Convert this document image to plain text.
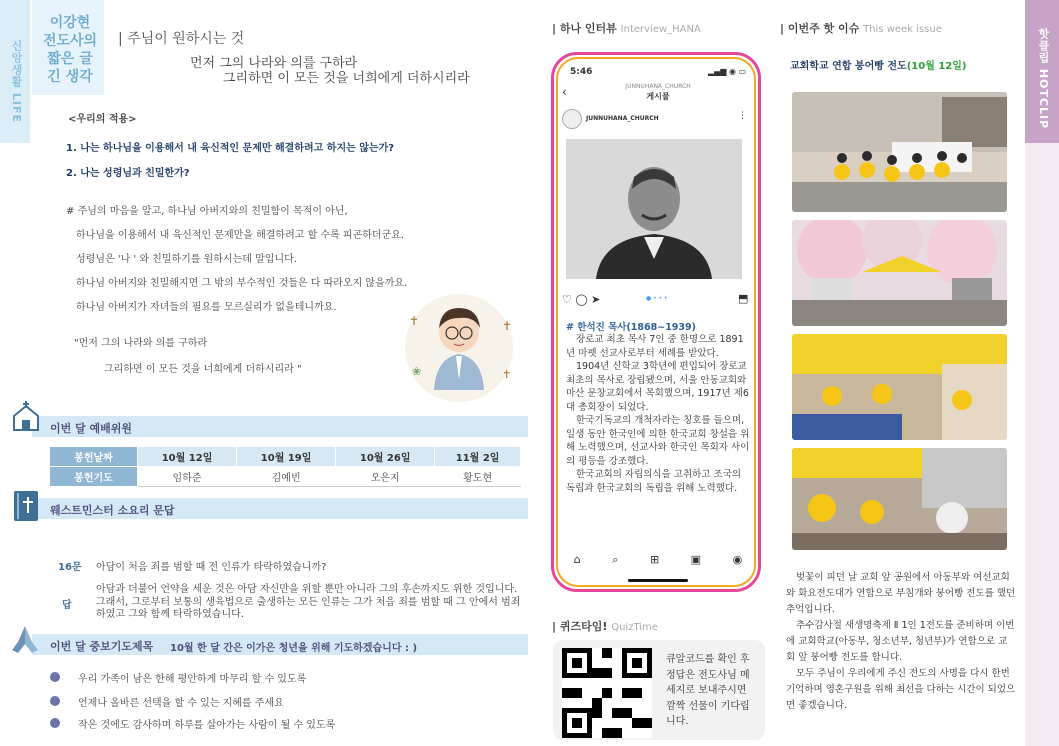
신앙생활 LIFE	핫클립 HOTCLIP
이강현
전도사의
짧은 글
긴 생각
| 주님이 원하시는 것
먼저 그의 나라와 의를 구하라
그리하면 이 모든 것을 너희에게 더하시리라
<우리의 적용>
1. 나는 하나님을 이용해서 내 육신적인 문제만 해결하려고 하지는 않는가?
2. 나는 성령님과 친밀한가?
# 주님의 마음을 알고, 하나님 아버지와의 친밀함이 목적이 아닌,
하나님을 이용해서 내 육신적인 문제만을 해결하려고 할 수록 피곤하더군요.
성령님은 '나 ' 와 친밀하기를 원하시는데 말입니다.
하나님 아버지와 친밀해지면 그 밖의 부수적인 것들은 다 따라오지 않을까요.
하나님 아버지가 자녀들의 필요를 모르실리가 없을테니까요.
"먼저 그의 나라와 의를 구하라
그리하면 이 모든 것을 너희에게 더하시리라 "
✝	✝
❀	✝
이번 달 예배위원
봉헌날짜	10월 12일	10월 19일	10월 26일	11월 2일
봉헌기도	임하준	김예빈	오은지	황도현
웨스트민스터 소요리 문답
16문 아담이 처음 죄를 범할 때 전 인류가 타락하였습니까?
답
아담과 더불어 언약을 세운 것은 아담 자신만을 위할 뿐만 아니라 그의 후손까지도 위한 것입니다. 그래서, 그로부터 보통의 생육법으로 출생하는 모든 인류는 그가 처음 죄를 범할 때 그 안에서 범죄 하였고 그와 함께 타락하였습니다.
이번 달 중보기도제목 10월 한 달 간은 이가은 청년을 위해 기도하겠습니다 : )
우리 가족이 남은 한해 평안하게 마무리 할 수 있도록
언제나 올바른 선택을 할 수 있는 지혜를 주세요
작은 것에도 감사하며 하루를 살아가는 사람이 될 수 있도록
| 하나 인터뷰 Interview_HANA
5:46	▂▄▆ ◉ ▭
JUNNUHANA_CHURCH
게시물
‹
JUNNUHANA_CHURCH	⋮
♡ ◯ ➤	● • • •	⬒
# 한석진 목사(1868~1939)

장로교 최초 목사 7인 중 한명으로 1891년 마펫 선교사로부터 세례를 받았다.

1904년 신학교 3학년에 편입되어 장로교 최초의 목사로 장립됐으며, 서울 안동교회와 마산 문창교회에서 목회했으며, 1917년 제6대 총회장이 되었다.

한국기독교의 개척자라는 칭호를 들으며, 일생 동안 한국인에 의한 한국교회 창설을 위해 노력했으며, 선교사와 한국인 목회자 사이의 평등을 강조했다.

한국교회의 자립의식을 고취하고 조국의 독립과 한국교회의 독립을 위해 노력했다.

⌂	⌕	⊞	▣	◉
| 퀴즈타임! QuizTime
큐알코드를 확인 후 정답은 전도사님 메세지로 보내주시면 깜짝 선물이 기다립니다.
| 이번주 핫 이슈 This week issue
교회학교 연합 붕어빵 전도(10월 12일)

벚꽃이 피던 날 교회 앞 공원에서 아동부와 여선교회와 화요전도대가 연합으로 부침개와 붕어빵 전도를 했던 추억입니다.

추수감사절 새생명축제 Ⅱ 1인 1전도를 준비하며 이번에 교회학교(아동부, 청소년부, 청년부)가 연합으로 교회 앞 붕어빵 전도를 합니다.

모두 주님이 우리에게 주신 전도의 사명을 다시 한번 기억하며 영혼구원을 위해 최선을 다하는 시간이 되었으면 좋겠습니다.
